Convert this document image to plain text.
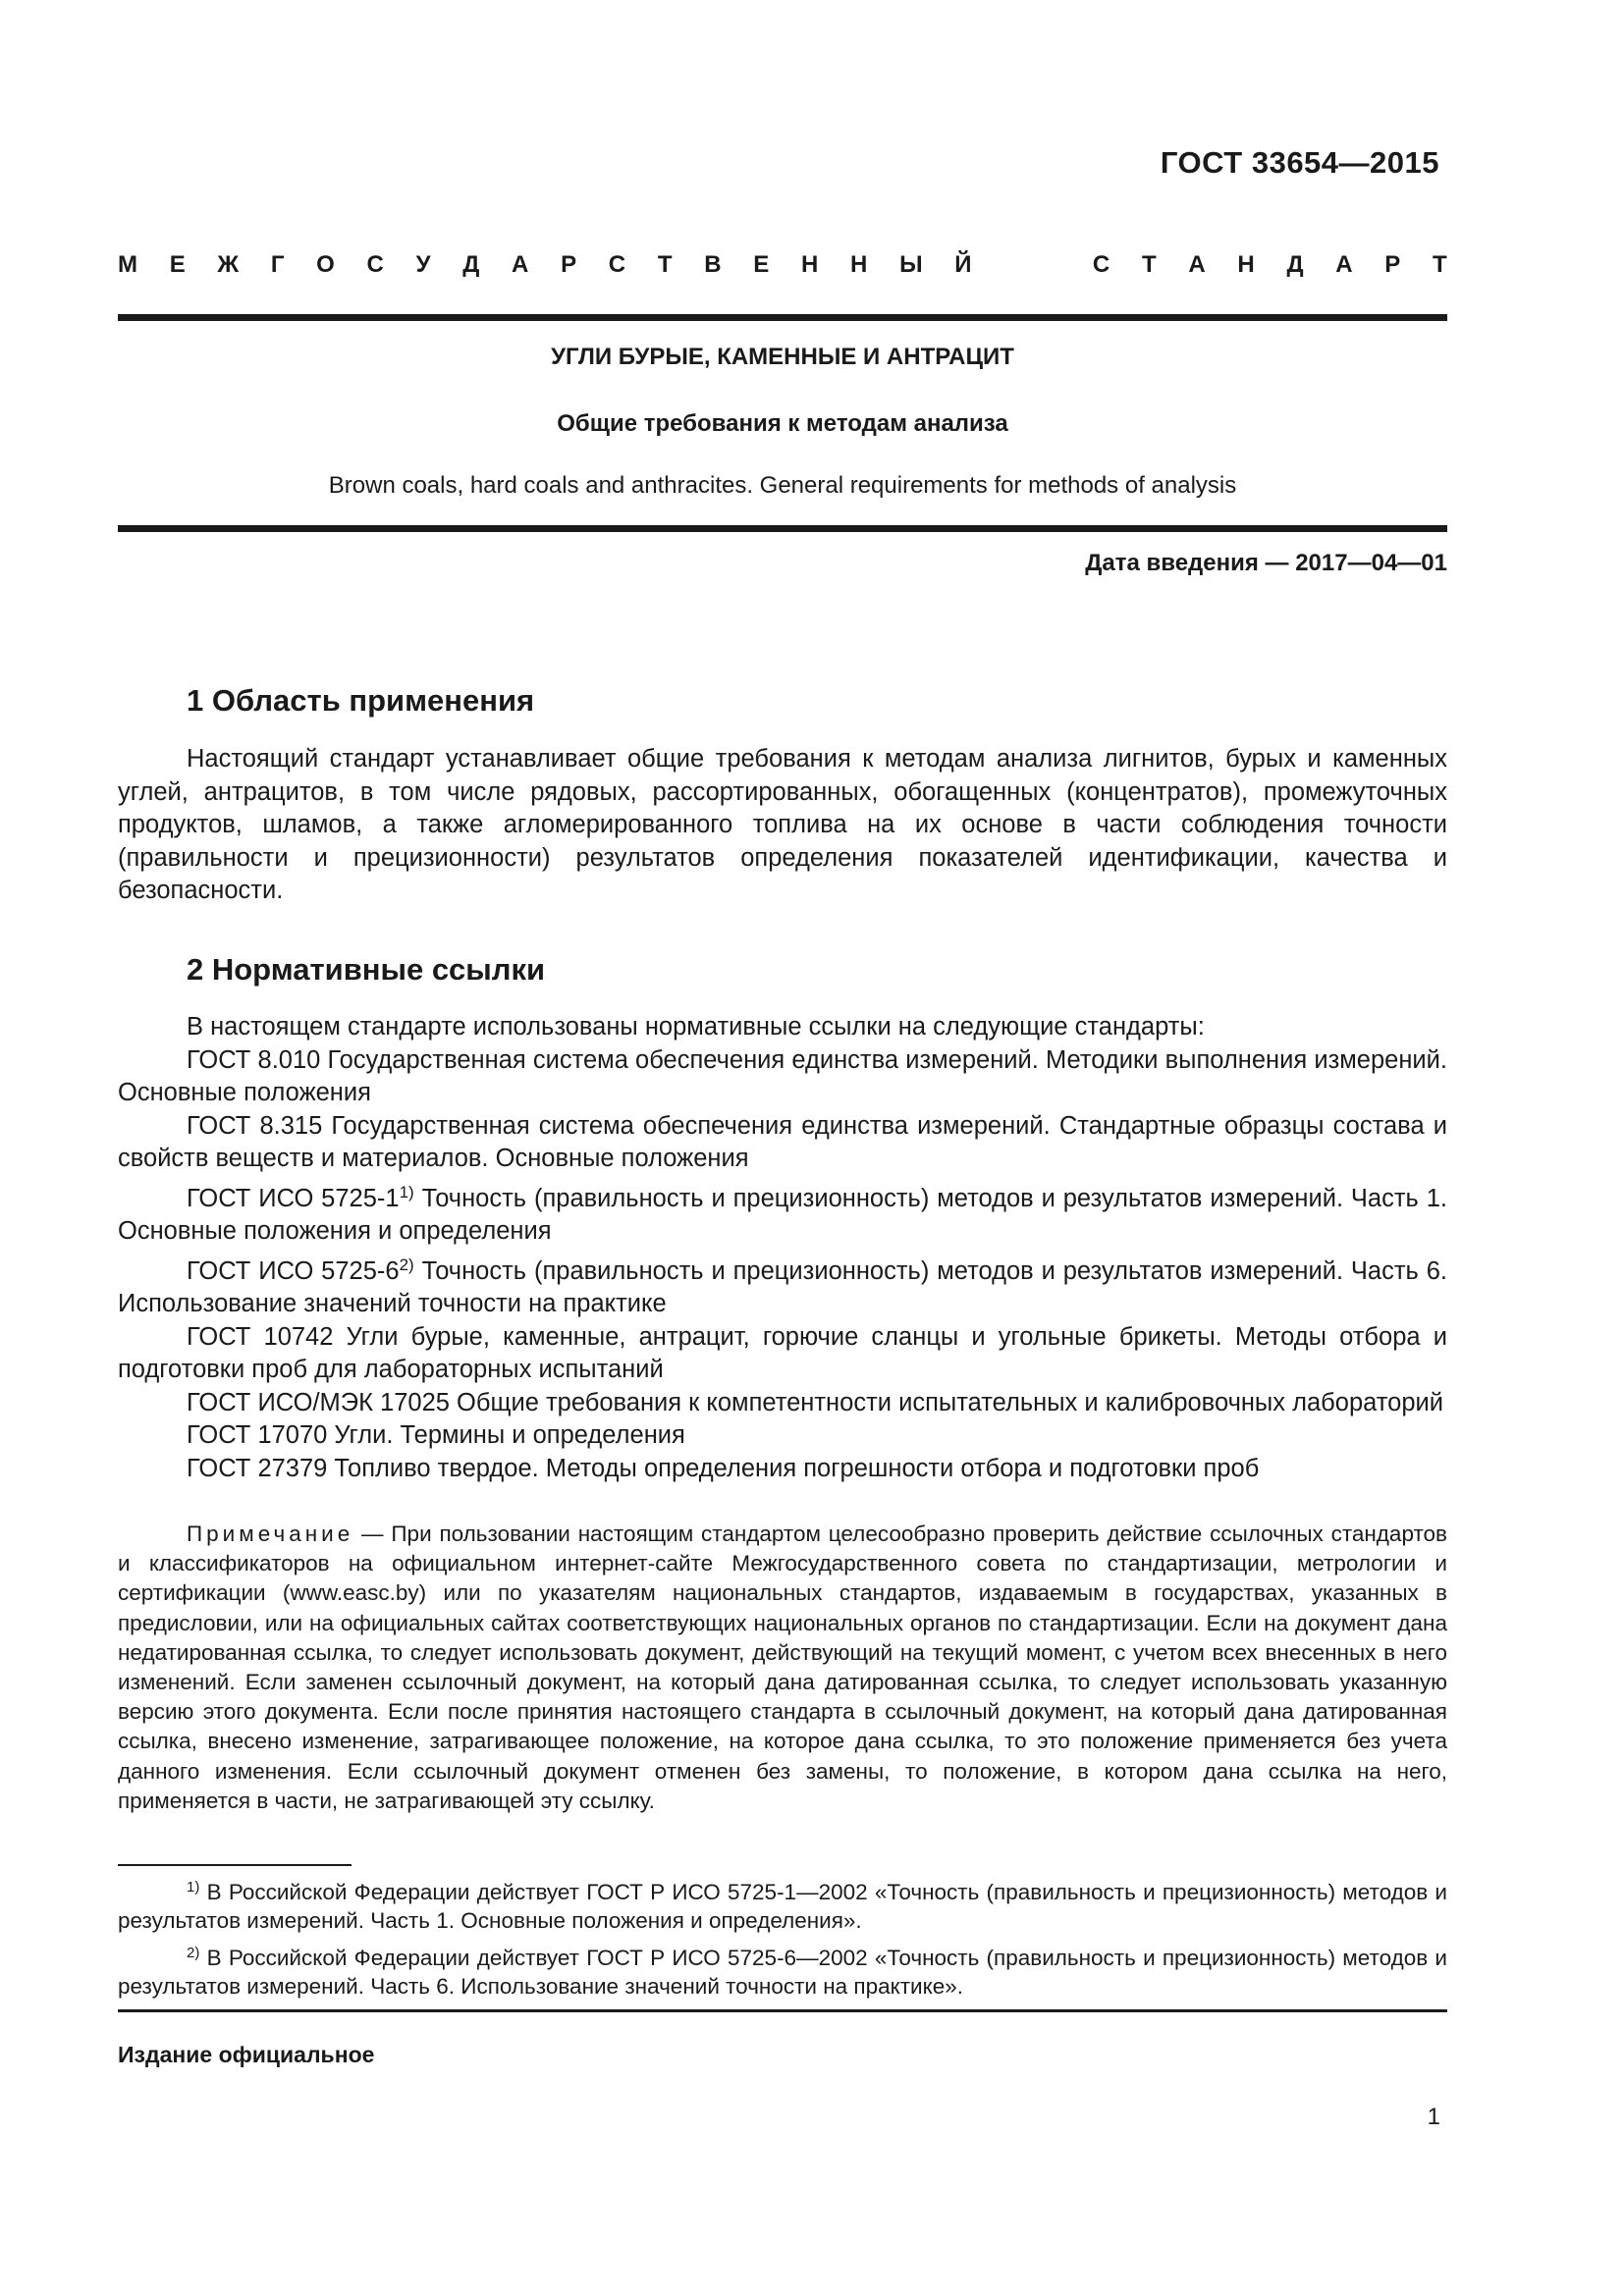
ГОСТ 33654—2015
М Е Ж Г О С У Д А Р С Т В Е Н Н Ы Й	С Т А Н Д А Р Т
УГЛИ БУРЫЕ, КАМЕННЫЕ И АНТРАЦИТ
Общие требования к методам анализа
Brown coals, hard coals and anthracites. General requirements for methods of analysis
Дата введения — 2017—04—01
1 Область применения

Настоящий стандарт устанавливает общие требования к методам анализа лигнитов, бурых и каменных углей, антрацитов, в том числе рядовых, рассортированных, обогащенных (концентратов), промежуточных продуктов, шламов, а также агломерированного топлива на их основе в части соблюдения точности (правильности и прецизионности) результатов определения показателей идентификации, качества и безопасности.

2 Нормативные ссылки

В настоящем стандарте использованы нормативные ссылки на следующие стандарты:

ГОСТ 8.010 Государственная система обеспечения единства измерений. Методики выполнения измерений. Основные положения

ГОСТ 8.315 Государственная система обеспечения единства измерений. Стандартные образцы состава и свойств веществ и материалов. Основные положения

ГОСТ ИСО 5725-1$^{1)}$ Точность (правильность и прецизионность) методов и результатов измерений. Часть 1. Основные положения и определения

ГОСТ ИСО 5725-6$^{2)}$ Точность (правильность и прецизионность) методов и результатов измерений. Часть 6. Использование значений точности на практике

ГОСТ 10742 Угли бурые, каменные, антрацит, горючие сланцы и угольные брикеты. Методы отбора и подготовки проб для лабораторных испытаний

ГОСТ ИСО/МЭК 17025 Общие требования к компетентности испытательных и калибровочных лабораторий

ГОСТ 17070 Угли. Термины и определения

ГОСТ 27379 Топливо твердое. Методы определения погрешности отбора и подготовки проб

Примечание — При пользовании настоящим стандартом целесообразно проверить действие ссылочных стандартов и классификаторов на официальном интернет-сайте Межгосударственного совета по стандартизации, метрологии и сертификации (www.easc.by) или по указателям национальных стандартов, издаваемым в государствах, указанных в предисловии, или на официальных сайтах соответствующих национальных органов по стандартизации. Если на документ дана недатированная ссылка, то следует использовать документ, действующий на текущий момент, с учетом всех внесенных в него изменений. Если заменен ссылочный документ, на который дана датированная ссылка, то следует использовать указанную версию этого документа. Если после принятия настоящего стандарта в ссылочный документ, на который дана датированная ссылка, внесено изменение, затрагивающее положение, на которое дана ссылка, то это положение применяется без учета данного изменения. Если ссылочный документ отменен без замены, то положение, в котором дана ссылка на него, применяется в части, не затрагивающей эту ссылку.

$^{1)}$ В Российской Федерации действует ГОСТ Р ИСО 5725-1—2002 «Точность (правильность и прецизионность) методов и результатов измерений. Часть 1. Основные положения и определения».

$^{2)}$ В Российской Федерации действует ГОСТ Р ИСО 5725-6—2002 «Точность (правильность и прецизионность) методов и результатов измерений. Часть 6. Использование значений точности на практике».

Издание официальное
1
